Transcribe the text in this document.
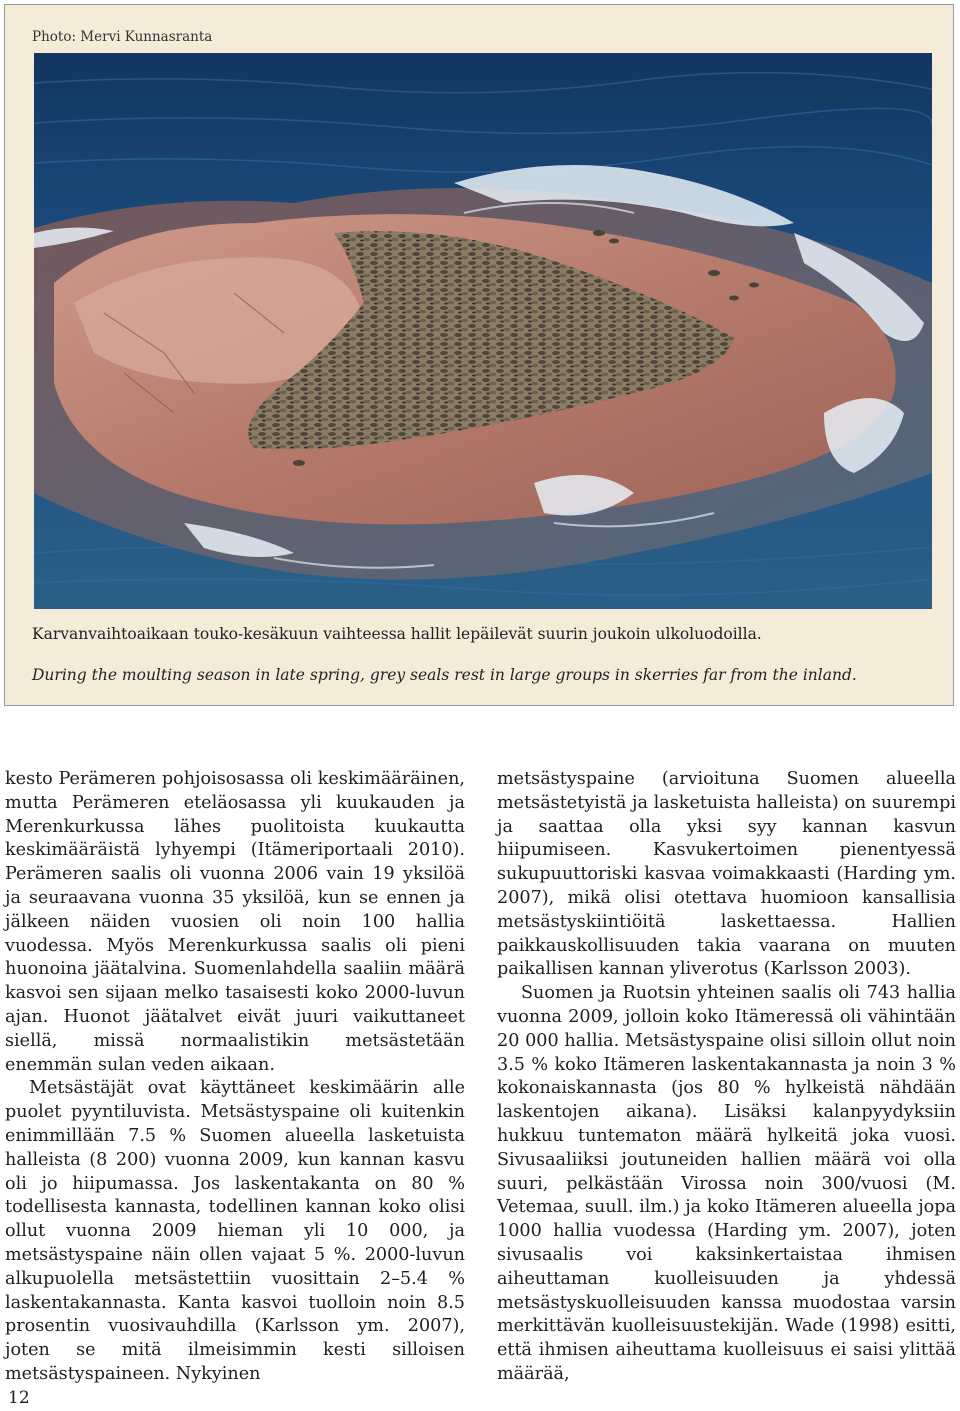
Photo: Mervi Kunnasranta
Karvanvaihtoaikaan touko-kesäkuun vaihteessa hallit lepäilevät suurin joukoin ulkoluodoilla.
During the moulting season in late spring, grey seals rest in large groups in skerries far from the inland.

kesto Perämeren pohjoisosassa oli keskimääräinen, mutta Perämeren eteläosassa yli kuukauden ja Merenkurkussa lähes puolitoista kuukautta keskimääräistä lyhyempi (Itämeriportaali 2010). Perämeren saalis oli vuonna 2006 vain 19 yksilöä ja seuraavana vuonna 35 yksilöä, kun se ennen ja jälkeen näiden vuosien oli noin 100 hallia vuodessa. Myös Merenkurkussa saalis oli pieni huonoina jäätalvina. Suomenlahdella saaliin määrä kasvoi sen sijaan melko tasaisesti koko 2000-luvun ajan. Huonot jäätalvet eivät juuri vaikuttaneet siellä, missä normaalistikin metsästetään enemmän sulan veden aikaan.

Metsästäjät ovat käyttäneet keskimäärin alle puolet pyyntiluvista. Metsästyspaine oli kuitenkin enimmillään 7.5 % Suomen alueella lasketuista halleista (8 200) vuonna 2009, kun kannan kasvu oli jo hiipumassa. Jos laskentakanta on 80 % todellisesta kannasta, todellinen kannan koko olisi ollut vuonna 2009 hieman yli 10 000, ja metsästyspaine näin ollen vajaat 5 %. 2000-luvun alkupuolella metsästettiin vuosittain 2–5.4 % laskentakannasta. Kanta kasvoi tuolloin noin 8.5 prosentin vuosivauhdilla (Karlsson ym. 2007), joten se mitä ilmeisimmin kesti silloisen metsästyspaineen. Nykyinen

metsästyspaine (arvioituna Suomen alueella metsästetyistä ja lasketuista halleista) on suurempi ja saattaa olla yksi syy kannan kasvun hiipumiseen. Kasvukertoimen pienentyessä sukupuuttoriski kasvaa voimakkaasti (Harding ym. 2007), mikä olisi otettava huomioon kansallisia metsästyskiintiöitä laskettaessa. Hallien paikkauskollisuuden takia vaarana on muuten paikallisen kannan yliverotus (Karlsson 2003).

Suomen ja Ruotsin yhteinen saalis oli 743 hallia vuonna 2009, jolloin koko Itämeressä oli vähintään 20 000 hallia. Metsästyspaine olisi silloin ollut noin 3.5 % koko Itämeren laskentakannasta ja noin 3 % kokonaiskannasta (jos 80 % hylkeistä nähdään laskentojen aikana). Lisäksi kalanpyydyksiin hukkuu tuntematon määrä hylkeitä joka vuosi. Sivusaaliiksi joutuneiden hallien määrä voi olla suuri, pelkästään Virossa noin 300/vuosi (M. Vetemaa, suull. ilm.) ja koko Itämeren alueella jopa 1000 hallia vuodessa (Harding ym. 2007), joten sivusaalis voi kaksinkertaistaa ihmisen aiheuttaman kuolleisuuden ja yhdessä metsästyskuolleisuuden kanssa muodostaa varsin merkittävän kuolleisuustekijän. Wade (1998) esitti, että ihmisen aiheuttama kuolleisuus ei saisi ylittää määrää,

12
